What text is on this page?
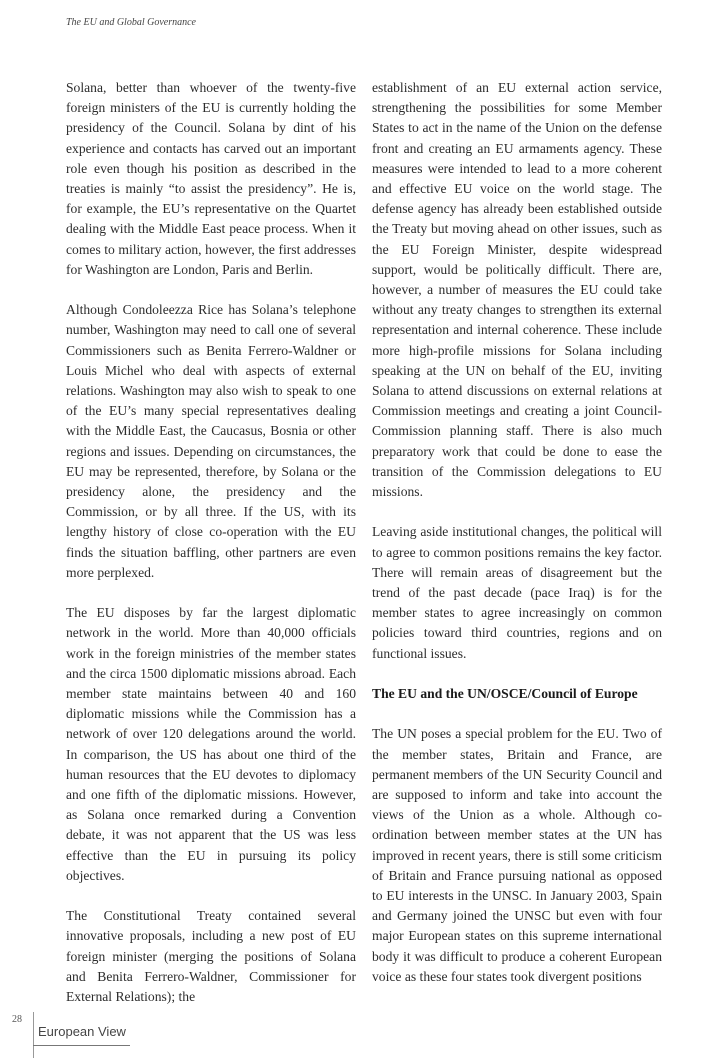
The EU and Global Governance

Solana, better than whoever of the twenty-five foreign ministers of the EU is currently holding the presidency of the Council. Solana by dint of his experience and contacts has carved out an important role even though his position as described in the treaties is mainly “to assist the presidency”. He is, for example, the EU’s representative on the Quartet dealing with the Middle East peace process. When it comes to military action, however, the first addresses for Washington are London, Paris and Berlin.

Although Condoleezza Rice has Solana’s telephone number, Washington may need to call one of several Commissioners such as Benita Ferrero-Waldner or Louis Michel who deal with aspects of external relations. Washington may also wish to speak to one of the EU’s many special representatives dealing with the Middle East, the Caucasus, Bosnia or other regions and issues. Depending on circumstances, the EU may be represented, therefore, by Solana or the presidency alone, the presidency and the Commission, or by all three. If the US, with its lengthy history of close co-operation with the EU finds the situation baffling, other partners are even more perplexed.

The EU disposes by far the largest diplomatic network in the world. More than 40,000 officials work in the foreign ministries of the member states and the circa 1500 diplomatic missions abroad. Each member state maintains between 40 and 160 diplomatic missions while the Commission has a network of over 120 delegations around the world. In comparison, the US has about one third of the human resources that the EU devotes to diplomacy and one fifth of the diplomatic missions. However, as Solana once remarked during a Convention debate, it was not apparent that the US was less effective than the EU in pursuing its policy objectives.

The Constitutional Treaty contained several innovative proposals, including a new post of EU foreign minister (merging the positions of Solana and Benita Ferrero-Waldner, Commissioner for External Relations); the

establishment of an EU external action service, strengthening the possibilities for some Member States to act in the name of the Union on the defense front and creating an EU armaments agency. These measures were intended to lead to a more coherent and effective EU voice on the world stage. The defense agency has already been established outside the Treaty but moving ahead on other issues, such as the EU Foreign Minister, despite widespread support, would be politically difficult. There are, however, a number of measures the EU could take without any treaty changes to strengthen its external representation and internal coherence. These include more high-profile missions for Solana including speaking at the UN on behalf of the EU, inviting Solana to attend discussions on external relations at Commission meetings and creating a joint Council-Commission planning staff. There is also much preparatory work that could be done to ease the transition of the Commission delegations to EU missions.

Leaving aside institutional changes, the political will to agree to common positions remains the key factor. There will remain areas of disagreement but the trend of the past decade (pace Iraq) is for the member states to agree increasingly on common policies toward third countries, regions and on functional issues.

The EU and the UN/OSCE/Council of Europe

The UN poses a special problem for the EU. Two of the member states, Britain and France, are permanent members of the UN Security Council and are supposed to inform and take into account the views of the Union as a whole. Although co-ordination between member states at the UN has improved in recent years, there is still some criticism of Britain and France pursuing national as opposed to EU interests in the UNSC. In January 2003, Spain and Germany joined the UNSC but even with four major European states on this supreme international body it was difficult to produce a coherent European voice as these four states took divergent positions

28
European View
